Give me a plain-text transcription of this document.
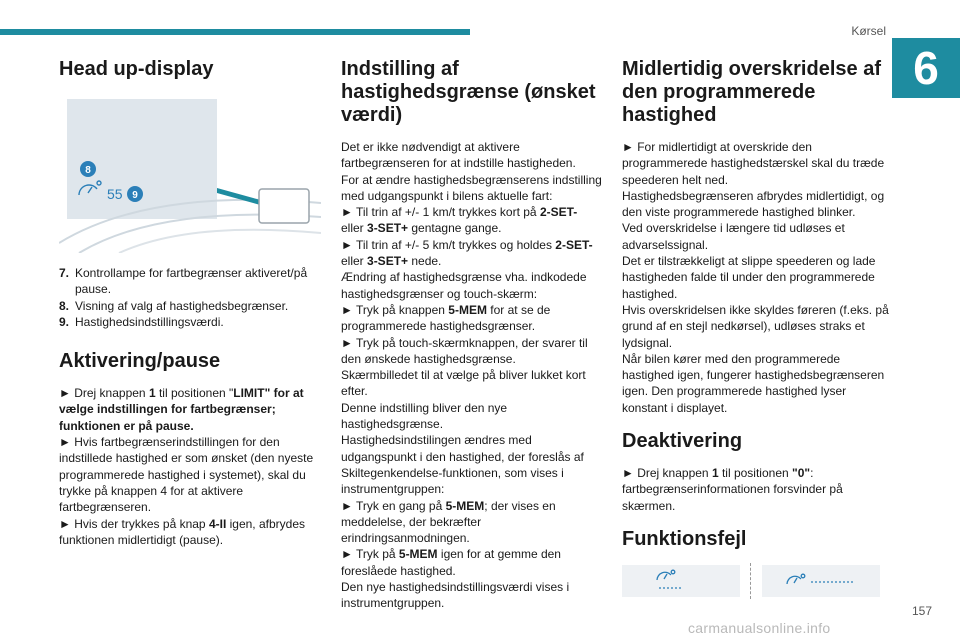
Kørsel
6
Head up-display
8
55 9
7. Kontrollampe for fartbegrænser aktiveret/på pause.
8. Visning af valg af hastighedsbegrænser.
9. Hastighedsindstillingsværdi.
Aktivering/pause

► Drej knappen 1 til positionen "LIMIT" for at vælge indstillingen for fartbegrænser; funktionen er på pause.

► Hvis fartbegrænserindstillingen for den indstillede hastighed er som ønsket (den nyeste programmerede hastighed i systemet), skal du trykke på knappen 4 for at aktivere fartbegrænseren.

► Hvis der trykkes på knap 4-II igen, afbrydes funktionen midlertidigt (pause).

Indstilling af hastighedsgrænse (ønsket værdi)

Det er ikke nødvendigt at aktivere fartbegrænseren for at indstille hastigheden.

For at ændre hastighedsbegrænserens indstilling med udgangspunkt i bilens aktuelle fart:

► Til trin af +/- 1 km/t trykkes kort på 2-SET- eller 3-SET+ gentagne gange.

► Til trin af +/- 5 km/t trykkes og holdes 2-SET- eller 3-SET+ nede.

Ændring af hastighedsgrænse vha. indkodede hastighedsgrænser og touch-skærm:

► Tryk på knappen 5-MEM for at se de programmerede hastighedsgrænser.

► Tryk på touch-skærmknappen, der svarer til den ønskede hastighedsgrænse.

Skærmbilledet til at vælge på bliver lukket kort efter.

Denne indstilling bliver den nye hastighedsgrænse.

Hastighedsindstilingen ændres med udgangspunkt i den hastighed, der foreslås af Skiltegenkendelse-funktionen, som vises i instrumentgruppen:

► Tryk en gang på 5-MEM; der vises en meddelelse, der bekræfter erindringsanmodningen.

► Tryk på 5-MEM igen for at gemme den foreslåede hastighed.

Den nye hastighedsindstillingsværdi vises i instrumentgruppen.

Midlertidig overskridelse af den programmerede hastighed

► For midlertidigt at overskride den programmerede hastighedstærskel skal du træde speederen helt ned.

Hastighedsbegrænseren afbrydes midlertidigt, og den viste programmerede hastighed blinker.

Ved overskridelse i længere tid udløses et advarselssignal.

Det er tilstrækkeligt at slippe speederen og lade hastigheden falde til under den programmerede hastighed.

Hvis overskridelsen ikke skyldes føreren (f.eks. på grund af en stejl nedkørsel), udløses straks et lydsignal.

Når bilen kører med den programmerede hastighed igen, fungerer hastighedsbegrænseren igen. Den programmerede hastighed lyser konstant i displayet.

Deaktivering

► Drej knappen 1 til positionen "0": fartbegrænserinformationen forsvinder på skærmen.

Funktionsfejl
157
carmanualsonline.info
